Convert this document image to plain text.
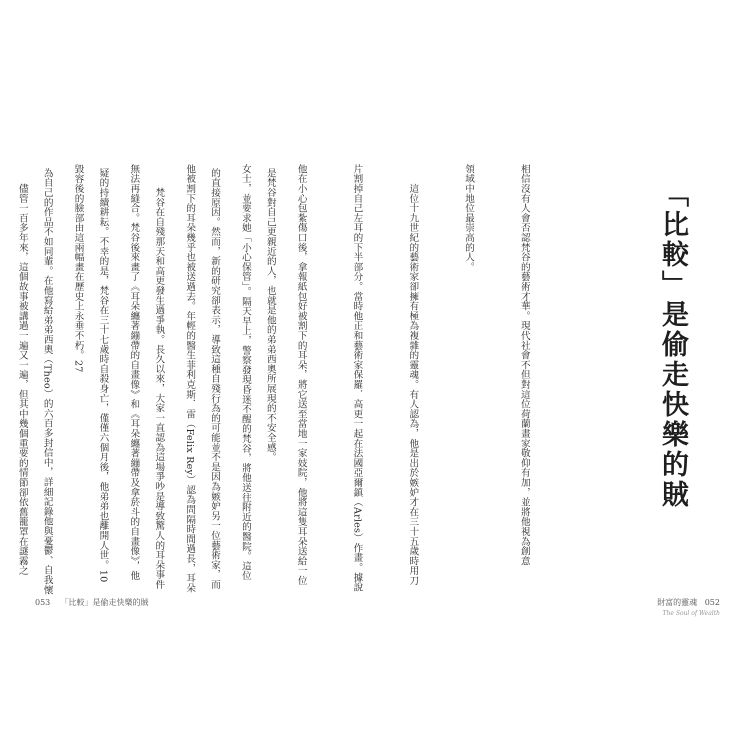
是梵谷對自己更親近的人，也就是他的弟弟西奧所展現的不安全感。

的直接原因。然而，新的研究卻表示，導致這種自殘行為的可能並不是因為嫉妒另一位藝術家，而

　　梵谷在自殘那天和高更發生過爭執。長久以來，大家一直認為這場爭吵是導致驚人的耳朵事件

疑的持續耕耘。不幸的是，梵谷在三十七歲時自殺身亡，僅僅六個月後，他弟弟也離開人世。10

為自己的作品不如同輩。在他寫給弟弟西奧（Theo）的六百多封信中，詳細記錄他與憂鬱、自我懷

	相信沒有人會否認梵谷的藝術才華。現代社會不但對這位荷蘭畫家敬仰有加，並將他視為創意

領域中地位最崇高的人。

　　這位十九世紀的藝術家卻擁有極為複雜的靈魂。有人認為，他是出於嫉妒才在三十五歲時用刀

片割掉自己左耳的下半部分。當時他正和藝術家保羅．高更一起在法國亞爾鎮（Arles）作畫。據說

他在小心包紮傷口後，拿報紙包好被割下的耳朵，將它送至當地一家妓院，他將這隻耳朵送給一位

女士，並要求她「小心保管」。隔天早上，警察發現昏迷不醒的梵谷，將他送往附近的醫院。這位

他被割下的耳朵幾乎也被送過去。年輕的醫生菲利克斯．雷（Felix Rey）認為問隔時間過長，耳朵

無法再縫合。梵谷後來畫了《耳朵纏著繃帶的自畫像》和《耳朵纏著繃帶及拿菸斗的自畫像》，他

毀容後的臉部由這兩幅畫在歷史上永垂不朽。27

　　儘管一百多年來，這個故事被講過一遍又一遍，但其中幾個重要的情節卻依舊籠罩在謎霧之

	「比較」是偷走快樂的賊
053 「比較」是偷走快樂的賊	財富的靈魂 052
The Soul of Wealth
